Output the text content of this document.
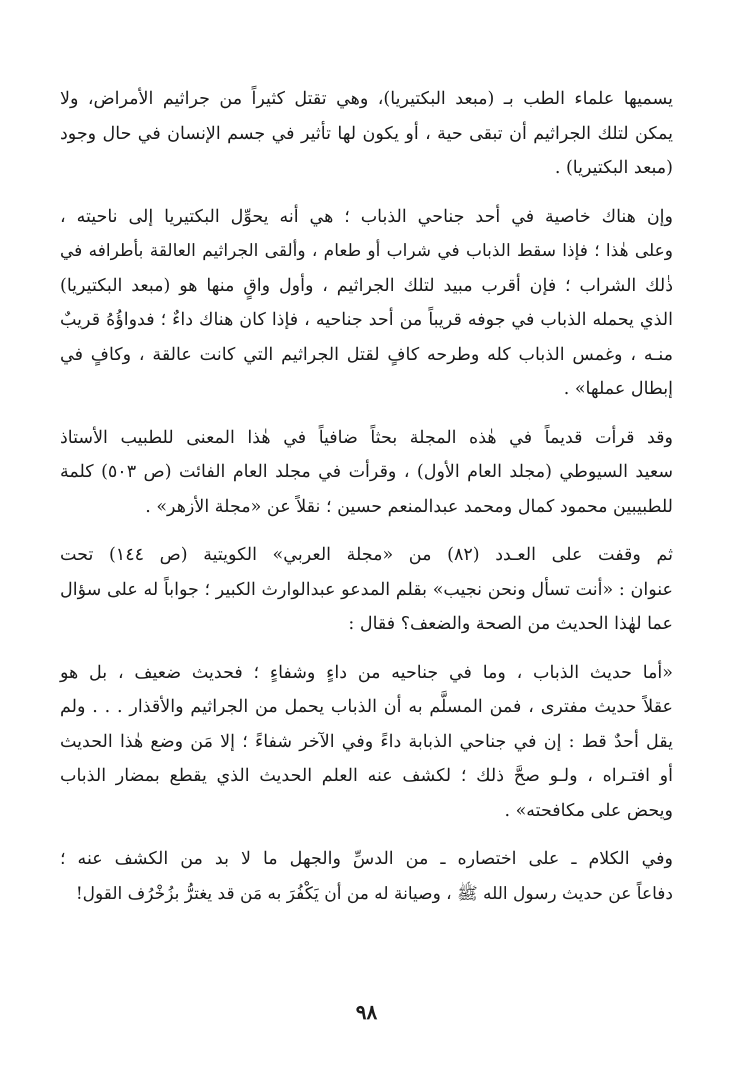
يسميها علماء الطب بـ (مبعد البكتيريا)، وهي تقتل كثيراً من جراثيم الأمراض، ولا
يمكن لتلك الجراثيم أن تبقى حية ، أو يكون لها تأثير في جسم الإنسان في حال وجود
(مبعد البكتيريا) .

وإن هناك خاصية في أحد جناحي الذباب ؛ هي أنه يحوِّل البكتيريا إلى ناحيته ،
وعلى هٰذا ؛ فإذا سقط الذباب في شراب أو طعام ، وألقى الجراثيم العالقة بأطرافه في
ذٰلك الشراب ؛ فإن أقرب مبيد لتلك الجراثيم ، وأول واقٍ منها هو (مبعد البكتيريا)
الذي يحمله الذباب في جوفه قريباً من أحد جناحيه ، فإذا كان هناك داءٌ ؛ فدواؤُهُ قريبٌ
منـه ، وغمس الذباب كله وطرحه كافٍ لقتل الجراثيم التي كانت عالقة ، وكافٍ في
إبطال عملها» .

وقد قرأت قديماً في هٰذه المجلة بحثاً ضافياً في هٰذا المعنى للطبيب الأستاذ
سعيد السيوطي (مجلد العام الأول) ، وقرأت في مجلد العام الفائت (ص ٥٠٣) كلمة
للطبيبين محمود كمال ومحمد عبدالمنعم حسين ؛ نقلاً عن «مجلة الأزهر» .

ثم وقفت على العـدد (٨٢) من «مجلة العربي» الكويتية (ص ١٤٤) تحت
عنوان : «أنت تسأل ونحن نجيب» بقلم المدعو عبدالوارث الكبير ؛ جواباً له على سؤال
عما لهٰذا الحديث من الصحة والضعف؟ فقال :

«أما حديث الذباب ، وما في جناحيه من داءٍ وشفاءٍ ؛ فحديث ضعيف ، بل هو
عقلاً حديث مفترى ، فمن المسلَّم به أن الذباب يحمل من الجراثيم والأقذار . . . ولم
يقل أحدٌ قط : إن في جناحي الذبابة داءً وفي الآخر شفاءً ؛ إلا مَن وضع هٰذا الحديث
أو افتـراه ، ولـو صحَّ ذلك ؛ لكشف عنه العلم الحديث الذي يقطع بمضار الذباب
ويحض على مكافحته» .

وفي الكلام ـ على اختصاره ـ من الدسِّ والجهل ما لا بد من الكشف عنه ؛
دفاعاً عن حديث رسول الله ﷺ ، وصيانة له من أن يَكْفُرَ به مَن قد يغترُّ بزُخْرُف القول!

٩٨
